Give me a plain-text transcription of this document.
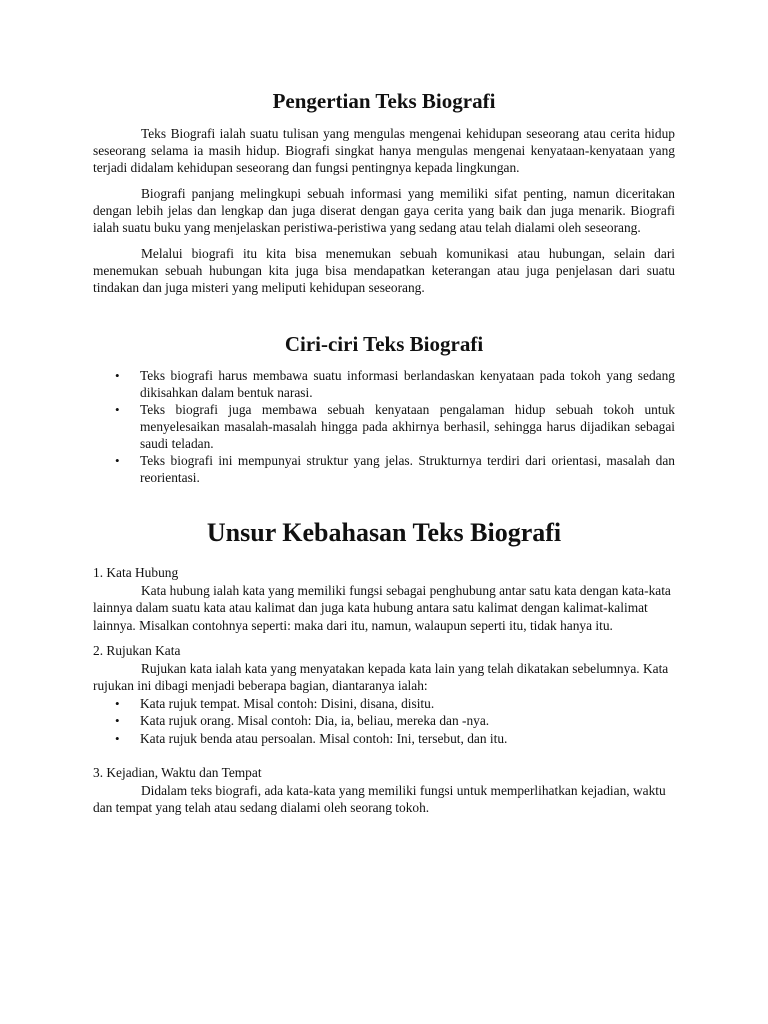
Pengertian Teks Biografi

Teks Biografi ialah suatu tulisan yang mengulas mengenai kehidupan seseorang atau cerita hidup seseorang selama ia masih hidup. Biografi singkat hanya mengulas mengenai kenyataan-kenyataan yang terjadi didalam kehidupan seseorang dan fungsi pentingnya kepada lingkungan.

Biografi panjang melingkupi sebuah informasi yang memiliki sifat penting, namun diceritakan dengan lebih jelas dan lengkap dan juga diserat dengan gaya cerita yang baik dan juga menarik. Biografi ialah suatu buku yang menjelaskan peristiwa-peristiwa yang sedang atau telah dialami oleh seseorang.

Melalui biografi itu kita bisa menemukan sebuah komunikasi atau hubungan, selain dari menemukan sebuah hubungan kita juga bisa mendapatkan keterangan atau juga penjelasan dari suatu tindakan dan juga misteri yang meliputi kehidupan seseorang.

Ciri-ciri Teks Biografi
• Teks biografi harus membawa suatu informasi berlandaskan kenyataan pada tokoh yang sedang dikisahkan dalam bentuk narasi.
• Teks biografi juga membawa sebuah kenyataan pengalaman hidup sebuah tokoh untuk menyelesaikan masalah-masalah hingga pada akhirnya berhasil, sehingga harus dijadikan sebagai saudi teladan.
• Teks biografi ini mempunyai struktur yang jelas. Strukturnya terdiri dari orientasi, masalah dan reorientasi.
Unsur Kebahasan Teks Biografi

1. Kata Hubung

Kata hubung ialah kata yang memiliki fungsi sebagai penghubung antar satu kata dengan kata-kata lainnya dalam suatu kata atau kalimat dan juga kata hubung antara satu kalimat dengan kalimat-kalimat lainnya. Misalkan contohnya seperti: maka dari itu, namun, walaupun seperti itu, tidak hanya itu.

2. Rujukan Kata

Rujukan kata ialah kata yang menyatakan kepada kata lain yang telah dikatakan sebelumnya. Kata rujukan ini dibagi menjadi beberapa bagian, diantaranya ialah:

• Kata rujuk tempat. Misal contoh: Disini, disana, disitu.
• Kata rujuk orang. Misal contoh: Dia, ia, beliau, mereka dan -nya.
• Kata rujuk benda atau persoalan. Misal contoh: Ini, tersebut, dan itu.

3. Kejadian, Waktu dan Tempat

Didalam teks biografi, ada kata-kata yang memiliki fungsi untuk memperlihatkan kejadian, waktu dan tempat yang telah atau sedang dialami oleh seorang tokoh.
